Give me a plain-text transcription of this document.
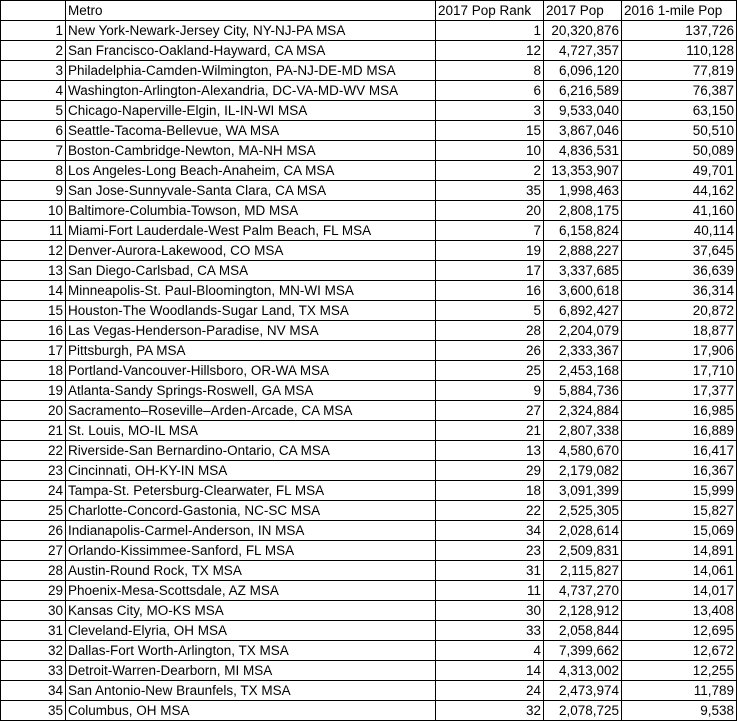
	Metro	2017 Pop Rank	2017 Pop	2016 1-mile Pop
1	New York-Newark-Jersey City, NY-NJ-PA MSA	1	20,320,876	137,726
2	San Francisco-Oakland-Hayward, CA MSA	12	4,727,357	110,128
3	Philadelphia-Camden-Wilmington, PA-NJ-DE-MD MSA	8	6,096,120	77,819
4	Washington-Arlington-Alexandria, DC-VA-MD-WV MSA	6	6,216,589	76,387
5	Chicago-Naperville-Elgin, IL-IN-WI MSA	3	9,533,040	63,150
6	Seattle-Tacoma-Bellevue, WA MSA	15	3,867,046	50,510
7	Boston-Cambridge-Newton, MA-NH MSA	10	4,836,531	50,089
8	Los Angeles-Long Beach-Anaheim, CA MSA	2	13,353,907	49,701
9	San Jose-Sunnyvale-Santa Clara, CA MSA	35	1,998,463	44,162
10	Baltimore-Columbia-Towson, MD MSA	20	2,808,175	41,160
11	Miami-Fort Lauderdale-West Palm Beach, FL MSA	7	6,158,824	40,114
12	Denver-Aurora-Lakewood, CO MSA	19	2,888,227	37,645
13	San Diego-Carlsbad, CA MSA	17	3,337,685	36,639
14	Minneapolis-St. Paul-Bloomington, MN-WI MSA	16	3,600,618	36,314
15	Houston-The Woodlands-Sugar Land, TX MSA	5	6,892,427	20,872
16	Las Vegas-Henderson-Paradise, NV MSA	28	2,204,079	18,877
17	Pittsburgh, PA MSA	26	2,333,367	17,906
18	Portland-Vancouver-Hillsboro, OR-WA MSA	25	2,453,168	17,710
19	Atlanta-Sandy Springs-Roswell, GA MSA	9	5,884,736	17,377
20	Sacramento–Roseville–Arden-Arcade, CA MSA	27	2,324,884	16,985
21	St. Louis, MO-IL MSA	21	2,807,338	16,889
22	Riverside-San Bernardino-Ontario, CA MSA	13	4,580,670	16,417
23	Cincinnati, OH-KY-IN MSA	29	2,179,082	16,367
24	Tampa-St. Petersburg-Clearwater, FL MSA	18	3,091,399	15,999
25	Charlotte-Concord-Gastonia, NC-SC MSA	22	2,525,305	15,827
26	Indianapolis-Carmel-Anderson, IN MSA	34	2,028,614	15,069
27	Orlando-Kissimmee-Sanford, FL MSA	23	2,509,831	14,891
28	Austin-Round Rock, TX MSA	31	2,115,827	14,061
29	Phoenix-Mesa-Scottsdale, AZ MSA	11	4,737,270	14,017
30	Kansas City, MO-KS MSA	30	2,128,912	13,408
31	Cleveland-Elyria, OH MSA	33	2,058,844	12,695
32	Dallas-Fort Worth-Arlington, TX MSA	4	7,399,662	12,672
33	Detroit-Warren-Dearborn, MI MSA	14	4,313,002	12,255
34	San Antonio-New Braunfels, TX MSA	24	2,473,974	11,789
35	Columbus, OH MSA	32	2,078,725	9,538
